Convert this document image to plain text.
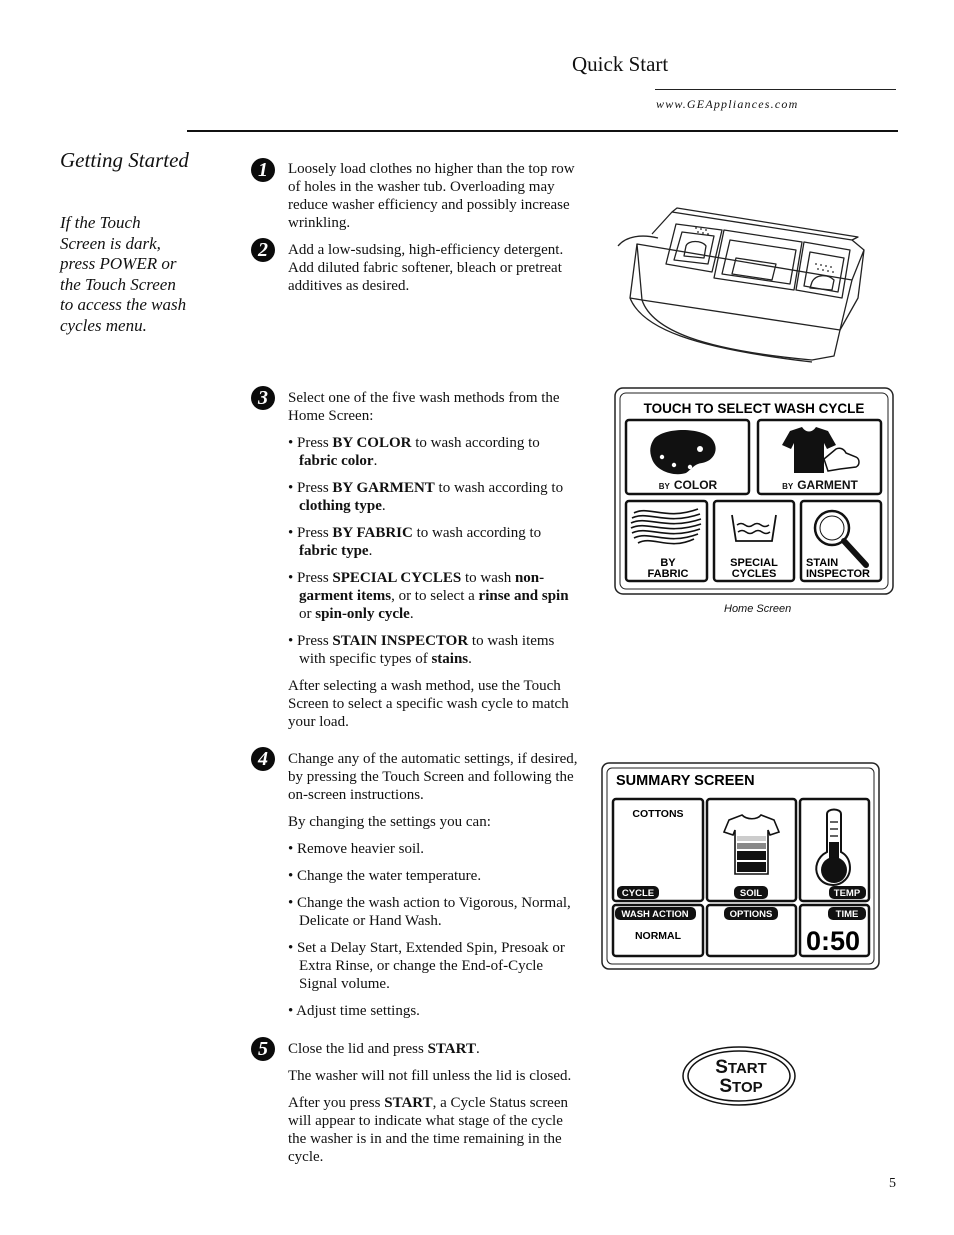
Quick Start
www.GEAppliances.com
Getting Started
If the Touch Screen is dark, press POWER or the Touch Screen to access the wash cycles menu.
1	Loosely load clothes no higher than the top row of holes in the washer tub. Overloading may reduce washer efficiency and possibly increase wrinkling.

2	Add a low-sudsing, high-efficiency detergent. Add diluted fabric softener, bleach or pretreat additives as desired.

3	Select one of the five wash methods from the Home Screen:

• Press BY COLOR to wash according to fabric color.
• Press BY GARMENT to wash according to clothing type.
• Press BY FABRIC to wash according to fabric type.
• Press SPECIAL CYCLES to wash non-garment items, or to select a rinse and spin or spin-only cycle.
• Press STAIN INSPECTOR to wash items with specific types of stains.

After selecting a wash method, use the Touch Screen to select a specific wash cycle to match your load.

TOUCH TO SELECT WASH CYCLE
BY COLOR	BY GARMENT
BY
FABRIC
SPECIAL
CYCLES
STAIN
INSPECTOR
Home Screen
4	Change any of the automatic settings, if desired, by pressing the Touch Screen and following the on-screen instructions.

By changing the settings you can:

• Remove heavier soil.
• Change the water temperature.
• Change the wash action to Vigorous, Normal, Delicate or Hand Wash.
• Set a Delay Start, Extended Spin, Presoak or Extra Rinse, or change the End-of-Cycle Signal volume.
• Adjust time settings.
SUMMARY SCREEN
COTTONS
CYCLE	SOIL	TEMP
WASH ACTION
NORMAL
OPTIONS	TIME
0:50
5	Close the lid and press START.

The washer will not fill unless the lid is closed.

After you press START, a Cycle Status screen will appear to indicate what stage of the cycle the washer is in and the time remaining in the cycle.

START
STOP
5
